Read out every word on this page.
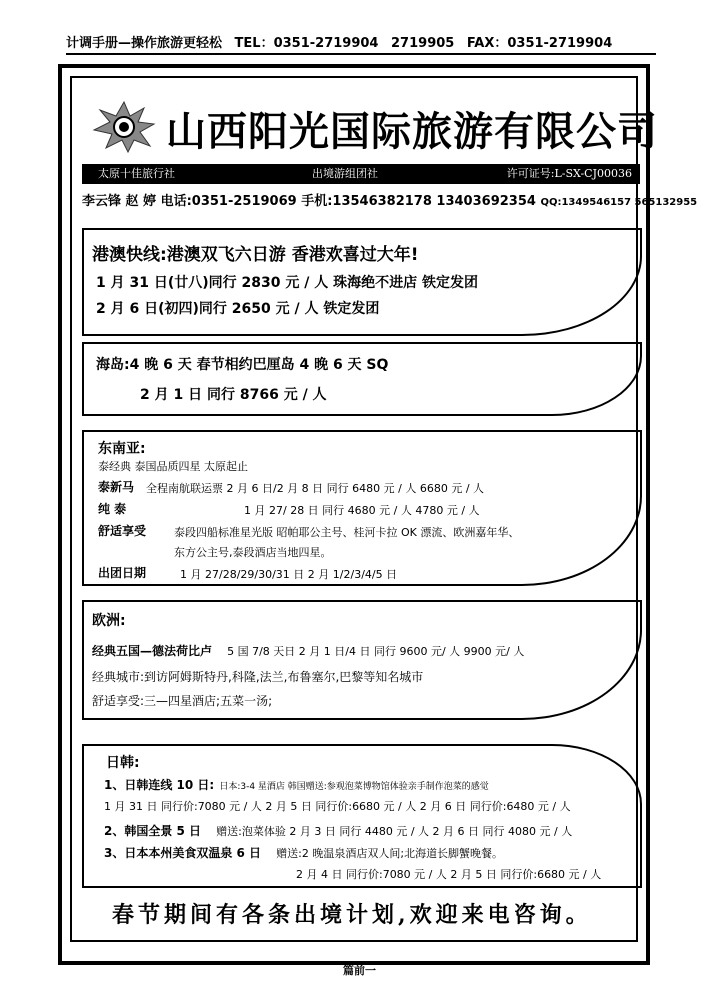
计调手册—操作旅游更轻松 TEL：0351-2719904 2719905 FAX：0351-2719904
山西阳光国际旅游有限公司
太原十佳旅行社	出境游组团社	许可证号:L-SX-CJ00036
李云锋 赵 婷 电话:0351-2519069 手机:13546382178 13403692354 QQ:1349546157 565132955
港澳快线:港澳双飞六日游 香港欢喜过大年!
1 月 31 日(廿八)同行 2830 元 / 人 珠海绝不进店 铁定发团
2 月 6 日(初四)同行 2650 元 / 人 铁定发团
海岛:4 晚 6 天 春节相约巴厘岛 4 晚 6 天 SQ
2 月 1 日 同行 8766 元 / 人
东南亚:
泰经典 泰国品质四星 太原起止
泰新马 全程南航联运票 2 月 6 日/2 月 8 日 同行 6480 元 / 人 6680 元 / 人
纯 泰	1 月 27/ 28 日 同行 4680 元 / 人 4780 元 / 人
舒适享受	泰段四船标准星光版 昭帕耶公主号、桂河卡拉 OK 漂流、欧洲嘉年华、
东方公主号,泰段酒店当地四星。
出团日期	1 月 27/28/29/30/31 日 2 月 1/2/3/4/5 日
欧洲:
经典五国—德法荷比卢 5 国 7/8 天日 2 月 1 日/4 日 同行 9600 元/ 人 9900 元/ 人
经典城市:到访阿姆斯特丹,科隆,法兰,布鲁塞尔,巴黎等知名城市
舒适享受:三—四星酒店;五菜一汤;
日韩:
1、日韩连线 10 日: 日本:3-4 星酒店 韩国赠送:参观泡菜博物馆体验亲手制作泡菜的感觉
1 月 31 日 同行价:7080 元 / 人 2 月 5 日 同行价:6680 元 / 人 2 月 6 日 同行价:6480 元 / 人
2、韩国全景 5 日 赠送:泡菜体验 2 月 3 日 同行 4480 元 / 人 2 月 6 日 同行 4080 元 / 人
3、日本本州美食双温泉 6 日 赠送:2 晚温泉酒店双人间;北海道长脚蟹晚餐。
2 月 4 日 同行价:7080 元 / 人 2 月 5 日 同行价:6680 元 / 人
春节期间有各条出境计划,欢迎来电咨询。
篇前一
